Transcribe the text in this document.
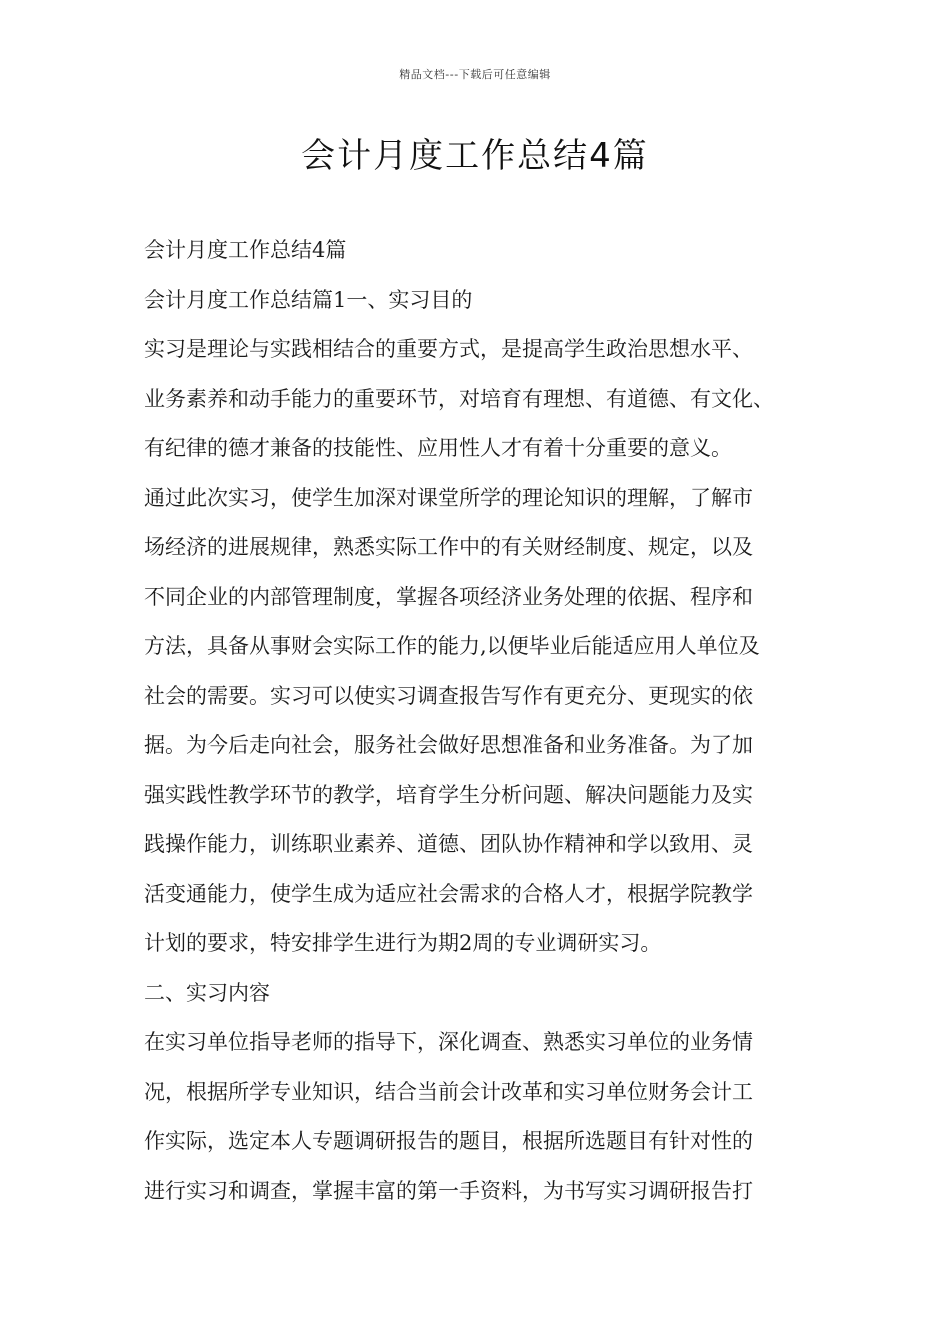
精品文档---下载后可任意编辑
会计月度工作总结4篇
会计月度工作总结4篇
会计月度工作总结篇1一、实习目的
实习是理论与实践相结合的重要方式，是提高学生政治思想水平、
业务素养和动手能力的重要环节，对培育有理想、有道德、有文化、
有纪律的德才兼备的技能性、应用性人才有着十分重要的意义。
通过此次实习，使学生加深对课堂所学的理论知识的理解，了解市
场经济的进展规律，熟悉实际工作中的有关财经制度、规定，以及
不同企业的内部管理制度，掌握各项经济业务处理的依据、程序和
方法，具备从事财会实际工作的能力,以便毕业后能适应用人单位及
社会的需要。实习可以使实习调查报告写作有更充分、更现实的依
据。为今后走向社会，服务社会做好思想准备和业务准备。为了加
强实践性教学环节的教学，培育学生分析问题、解决问题能力及实
践操作能力，训练职业素养、道德、团队协作精神和学以致用、灵
活变通能力，使学生成为适应社会需求的合格人才，根据学院教学
计划的要求，特安排学生进行为期2周的专业调研实习。
二、实习内容
在实习单位指导老师的指导下，深化调查、熟悉实习单位的业务情
况，根据所学专业知识，结合当前会计改革和实习单位财务会计工
作实际，选定本人专题调研报告的题目，根据所选题目有针对性的
进行实习和调查，掌握丰富的第一手资料，为书写实习调研报告打
